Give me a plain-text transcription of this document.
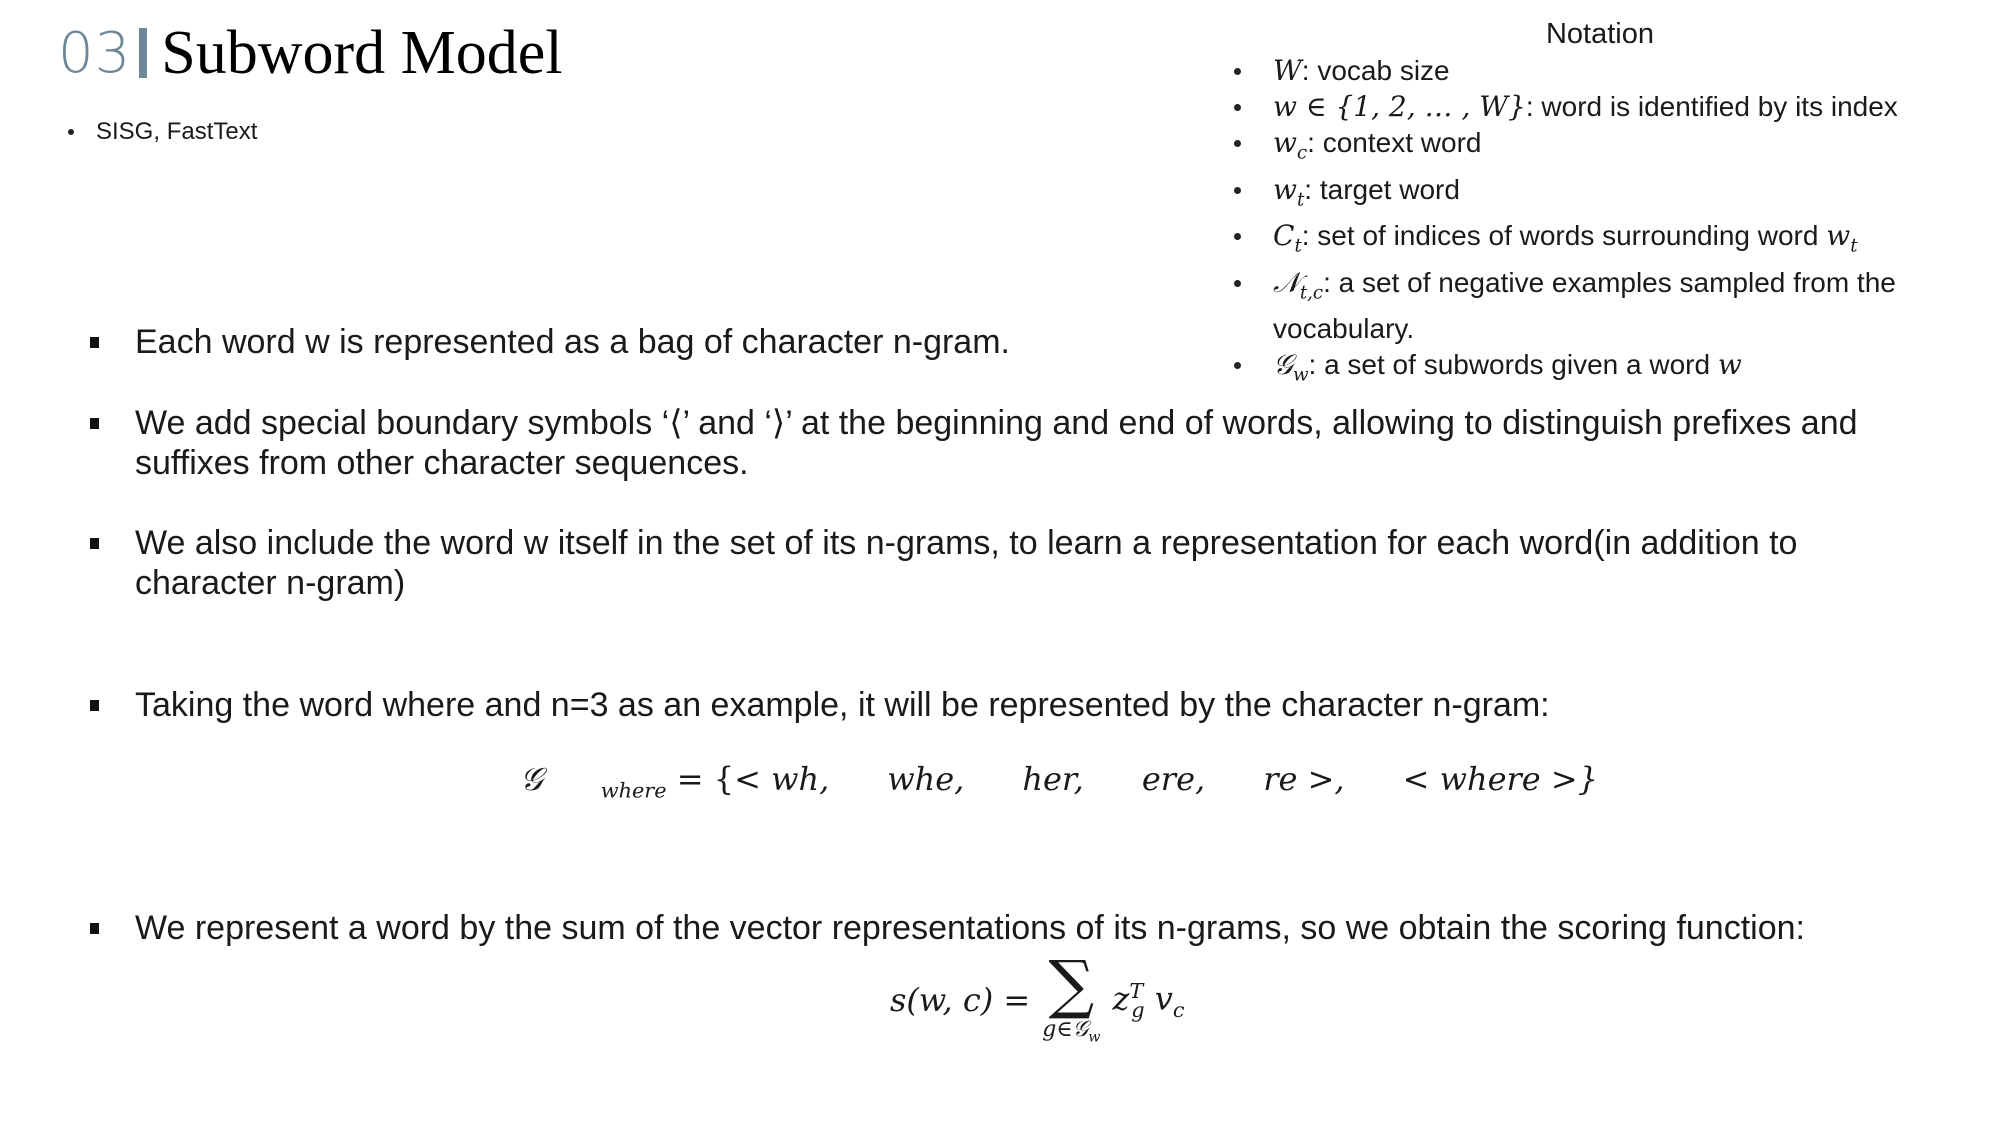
03 Subword Model
SISG, FastText
Notation
W: vocab size
w ∈ {1, 2, … , W}: word is identified by its index
$w_c$: context word
$w_t$: target word
$C_t$: set of indices of words surrounding word $w_t$
𝒩$_{t,c}$: a set of negative examples sampled from the vocabulary.
𝒢$_w$: a set of subwords given a word w
Each word w is represented as a bag of character n-gram.
We add special boundary symbols ‘⟨’ and ‘⟩’ at the beginning and end of words, allowing to distinguish prefixes and suffixes from other character sequences.
We also include the word w itself in the set of its n-grams, to learn a representation for each word(in addition to character n-gram)
Taking the word where and n=3 as an example, it will be represented by the character n-gram:
We represent a word by the sum of the vector representations of its n-grams, so we obtain the scoring function:
𝒢	$_{where}$ = {< wh, whe, her, ere, re >, < where >}
s(w, c) = ∑
g∈𝒢$_w$
$z^T_g$ $v_c$
